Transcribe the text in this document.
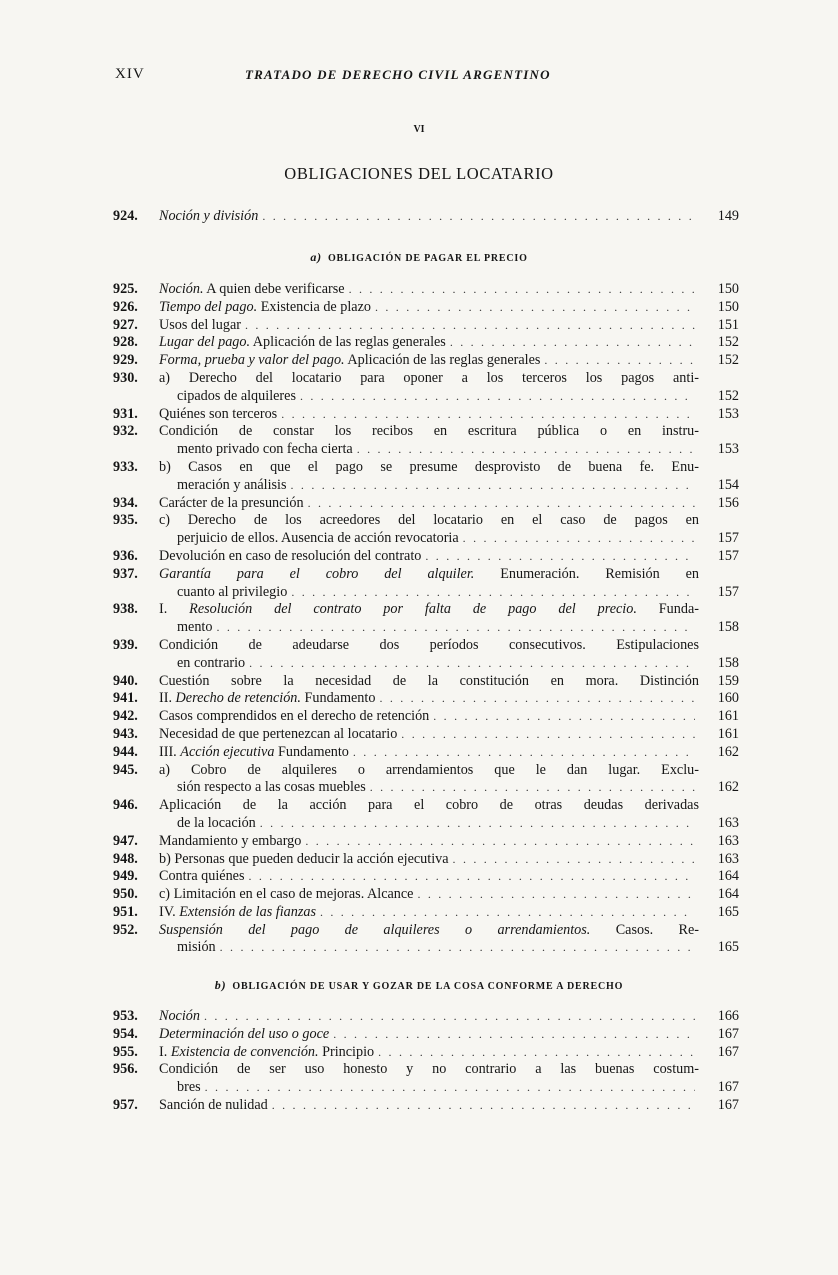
XIV	TRATADO DE DERECHO CIVIL ARGENTINO
VI
OBLIGACIONES DEL LOCATARIO
924.	Noción y división . . .	149
a) OBLIGACIÓN DE PAGAR EL PRECIO
925.	Noción. A quien debe verificarse . . .	150
926.	Tiempo del pago. Existencia de plazo . . .	150
927.	Usos del lugar . . .	151
928.	Lugar del pago. Aplicación de las reglas generales . . .	152
929.	Forma, prueba y valor del pago. Aplicación de las reglas generales . . .	152
930.	a) Derecho del locatario para oponer a los terceros los pagos anti-
cipados de alquileres . . .	152
931.	Quiénes son terceros . . .	153
932.	Condición de constar los recibos en escritura pública o en instru-
mento privado con fecha cierta . . .	153
933.	b) Casos en que el pago se presume desprovisto de buena fe. Enu-
meración y análisis . . .	154
934.	Carácter de la presunción . . .	156
935.	c) Derecho de los acreedores del locatario en el caso de pagos en
perjuicio de ellos. Ausencia de acción revocatoria . . .	157
936.	Devolución en caso de resolución del contrato . . .	157
937.	Garantía para el cobro del alquiler. Enumeración. Remisión en
cuanto al privilegio . . .	157
938.	I. Resolución del contrato por falta de pago del precio. Funda-
mento . . .	158
939.	Condición de adeudarse dos períodos consecutivos. Estipulaciones
en contrario . . .	158
940.	Cuestión sobre la necesidad de la constitución en mora. Distinción	159
941.	II. Derecho de retención. Fundamento . . .	160
942.	Casos comprendidos en el derecho de retención . . .	161
943.	Necesidad de que pertenezcan al locatario . . .	161
944.	III. Acción ejecutiva Fundamento . . .	162
945.	a) Cobro de alquileres o arrendamientos que le dan lugar. Exclu-
sión respecto a las cosas muebles . . .	162
946.	Aplicación de la acción para el cobro de otras deudas derivadas
de la locación . . .	163
947.	Mandamiento y embargo . . .	163
948.	b) Personas que pueden deducir la acción ejecutiva . . .	163
949.	Contra quiénes . . .	164
950.	c) Limitación en el caso de mejoras. Alcance . . .	164
951.	IV. Extensión de las fianzas . . .	165
952.	Suspensión del pago de alquileres o arrendamientos. Casos. Re-
misión . . .	165
b) OBLIGACIÓN DE USAR Y GOZAR DE LA COSA CONFORME A DERECHO
953.	Noción . . .	166
954.	Determinación del uso o goce . . .	167
955.	I. Existencia de convención. Principio . . .	167
956.	Condición de ser uso honesto y no contrario a las buenas costum-
bres . . .	167
957.	Sanción de nulidad . . .	167
